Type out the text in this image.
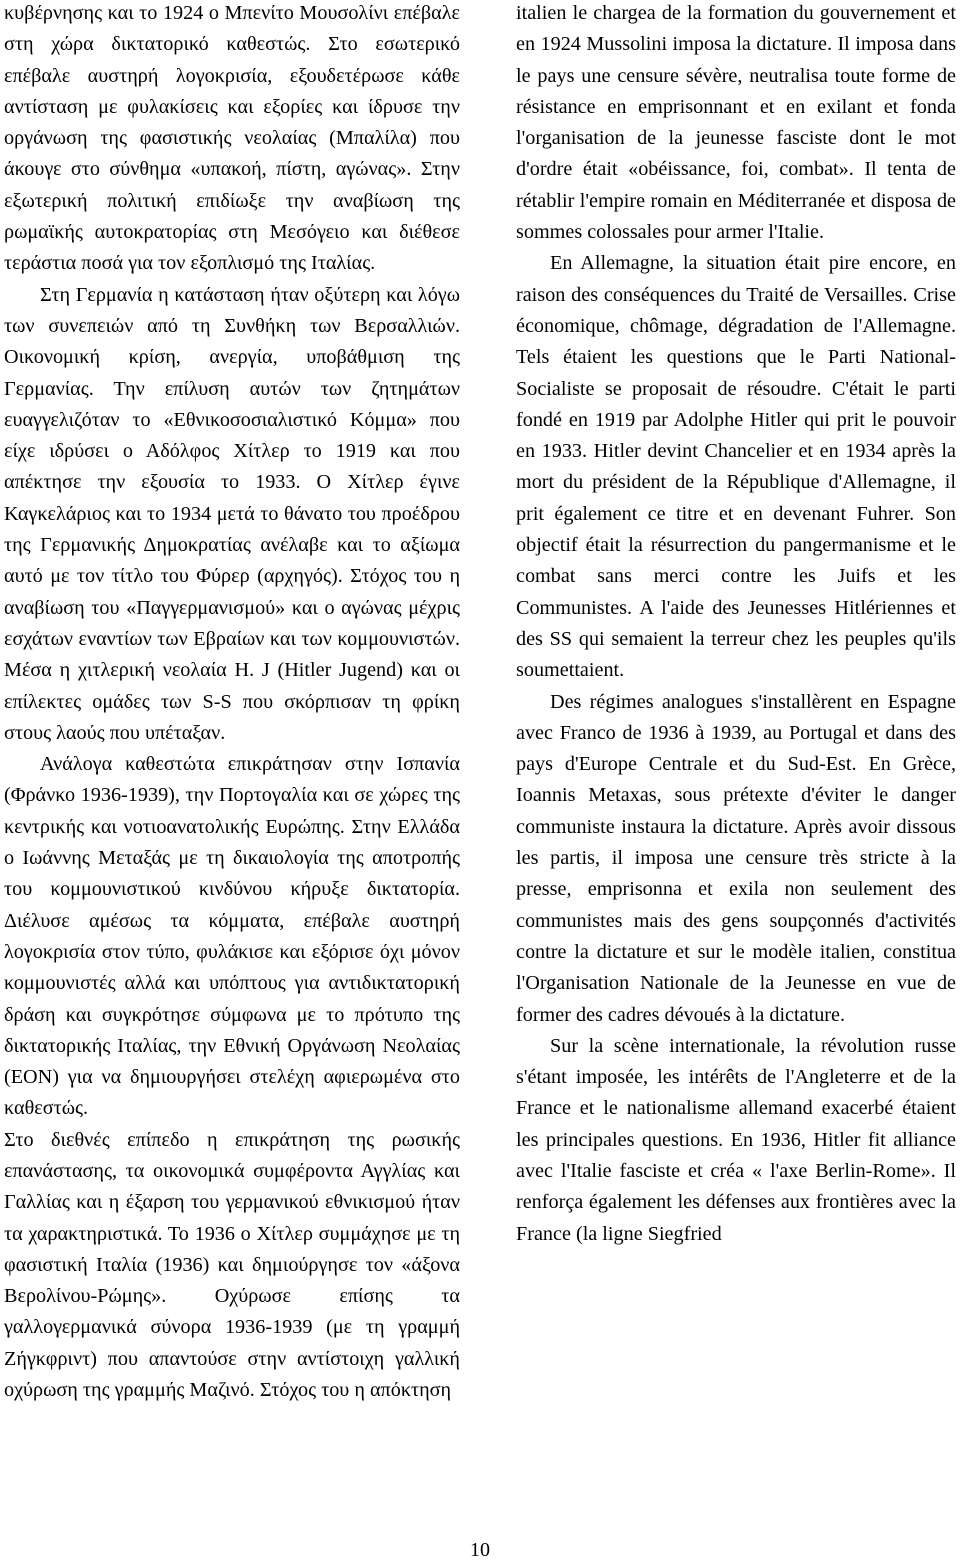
κυβέρνησης και το 1924 ο Μπενίτο Μουσολίνι επέβαλε στη χώρα δικτατορικό καθεστώς. Στο εσωτερικό επέβαλε αυστηρή λογοκρισία, εξουδετέρωσε κάθε αντίσταση με φυλακίσεις και εξορίες και ίδρυσε την οργάνωση της φασιστικής νεολαίας (Μπαλίλα) που άκουγε στο σύνθημα «υπακοή, πίστη, αγώνας». Στην εξωτερική πολιτική επιδίωξε την αναβίωση της ρωμαϊκής αυτοκρατορίας στη Μεσόγειο και διέθεσε τεράστια ποσά για τον εξοπλισμό της Ιταλίας.

Στη Γερμανία η κατάσταση ήταν οξύτερη και λόγω των συνεπειών από τη Συνθήκη των Βερσαλλιών. Οικονομική κρίση, ανεργία, υποβάθμιση της Γερμανίας. Την επίλυση αυτών των ζητημάτων ευαγγελιζόταν το «Εθνικοσοσιαλιστικό Κόμμα» που είχε ιδρύσει ο Αδόλφος Χίτλερ το 1919 και που απέκτησε την εξουσία το 1933. Ο Χίτλερ έγινε Καγκελάριος και το 1934 μετά το θάνατο του προέδρου της Γερμανικής Δημοκρατίας ανέλαβε και το αξίωμα αυτό με τον τίτλο του Φύρερ (αρχηγός). Στόχος του η αναβίωση του «Παγγερμανισμού» και ο αγώνας μέχρις εσχάτων εναντίων των Εβραίων και των κομμουνιστών. Μέσα η χιτλερική νεολαία Η. J (Hitler Jugend) και οι επίλεκτες ομάδες των S-S που σκόρπισαν τη φρίκη στους λαούς που υπέταξαν.

Ανάλογα καθεστώτα επικράτησαν στην Ισπανία (Φράνκο 1936-1939), την Πορτογαλία και σε χώρες της κεντρικής και νοτιοανατολικής Ευρώπης. Στην Ελλάδα ο Ιωάννης Μεταξάς με τη δικαιολογία της αποτροπής του κομμουνιστικού κινδύνου κήρυξε δικτατορία. Διέλυσε αμέσως τα κόμματα, επέβαλε αυστηρή λογοκρισία στον τύπο, φυλάκισε και εξόρισε όχι μόνον κομμουνιστές αλλά και υπόπτους για αντιδικτατορική δράση και συγκρότησε σύμφωνα με το πρότυπο της δικτατορικής Ιταλίας, την Εθνική Οργάνωση Νεολαίας (ΕΟΝ) για να δημιουργήσει στελέχη αφιερωμένα στο καθεστώς.

Στο διεθνές επίπεδο η επικράτηση της ρωσικής επανάστασης, τα οικονομικά συμφέροντα Αγγλίας και Γαλλίας και η έξαρση του γερμανικού εθνικισμού ήταν τα χαρακτηριστικά. Το 1936 ο Χίτλερ συμμάχησε με τη φασιστική Ιταλία (1936) και δημιούργησε τον «άξονα Βερολίνου-Ρώμης». Οχύρωσε επίσης τα γαλλογερμανικά σύνορα 1936-1939 (με τη γραμμή Ζήγκφριντ) που απαντούσε στην αντίστοιχη γαλλική οχύρωση της γραμμής Μαζινό. Στόχος του η απόκτηση

italien le chargea de la formation du gouvernement et en 1924 Mussolini imposa la dictature. Il imposa dans le pays une censure sévère, neutralisa toute forme de résistance en emprisonnant et en exilant et fonda l'organisation de la jeunesse fasciste dont le mot d'ordre était «obéissance, foi, combat». Il tenta de rétablir l'empire romain en Méditerranée et disposa de sommes colossales pour armer l'Italie.

En Allemagne, la situation était pire encore, en raison des conséquences du Traité de Versailles. Crise économique, chômage, dégradation de l'Allemagne. Tels étaient les questions que le Parti National-Socialiste se proposait de résoudre. C'était le parti fondé en 1919 par Adolphe Hitler qui prit le pouvoir en 1933. Hitler devint Chancelier et en 1934 après la mort du président de la République d'Allemagne, il prit également ce titre et en devenant Fuhrer. Son objectif était la résurrection du pangermanisme et le combat sans merci contre les Juifs et les Communistes. A l'aide des Jeunesses Hitlériennes et des SS qui semaient la terreur chez les peuples qu'ils soumettaient.

Des régimes analogues s'installèrent en Espagne avec Franco de 1936 à 1939, au Portugal et dans des pays d'Europe Centrale et du Sud-Est. En Grèce, Ioannis Metaxas, sous prétexte d'éviter le danger communiste instaura la dictature. Après avoir dissous les partis, il imposa une censure très stricte à la presse, emprisonna et exila non seulement des communistes mais des gens soupçonnés d'activités contre la dictature et sur le modèle italien, constitua l'Organisation Nationale de la Jeunesse en vue de former des cadres dévoués à la dictature.

Sur la scène internationale, la révolution russe s'étant imposée, les intérêts de l'Angleterre et de la France et le nationalisme allemand exacerbé étaient les principales questions. En 1936, Hitler fit alliance avec l'Italie fasciste et créa « l'axe Berlin-Rome». Il renforça également les défenses aux frontières avec la France (la ligne Siegfried

10
